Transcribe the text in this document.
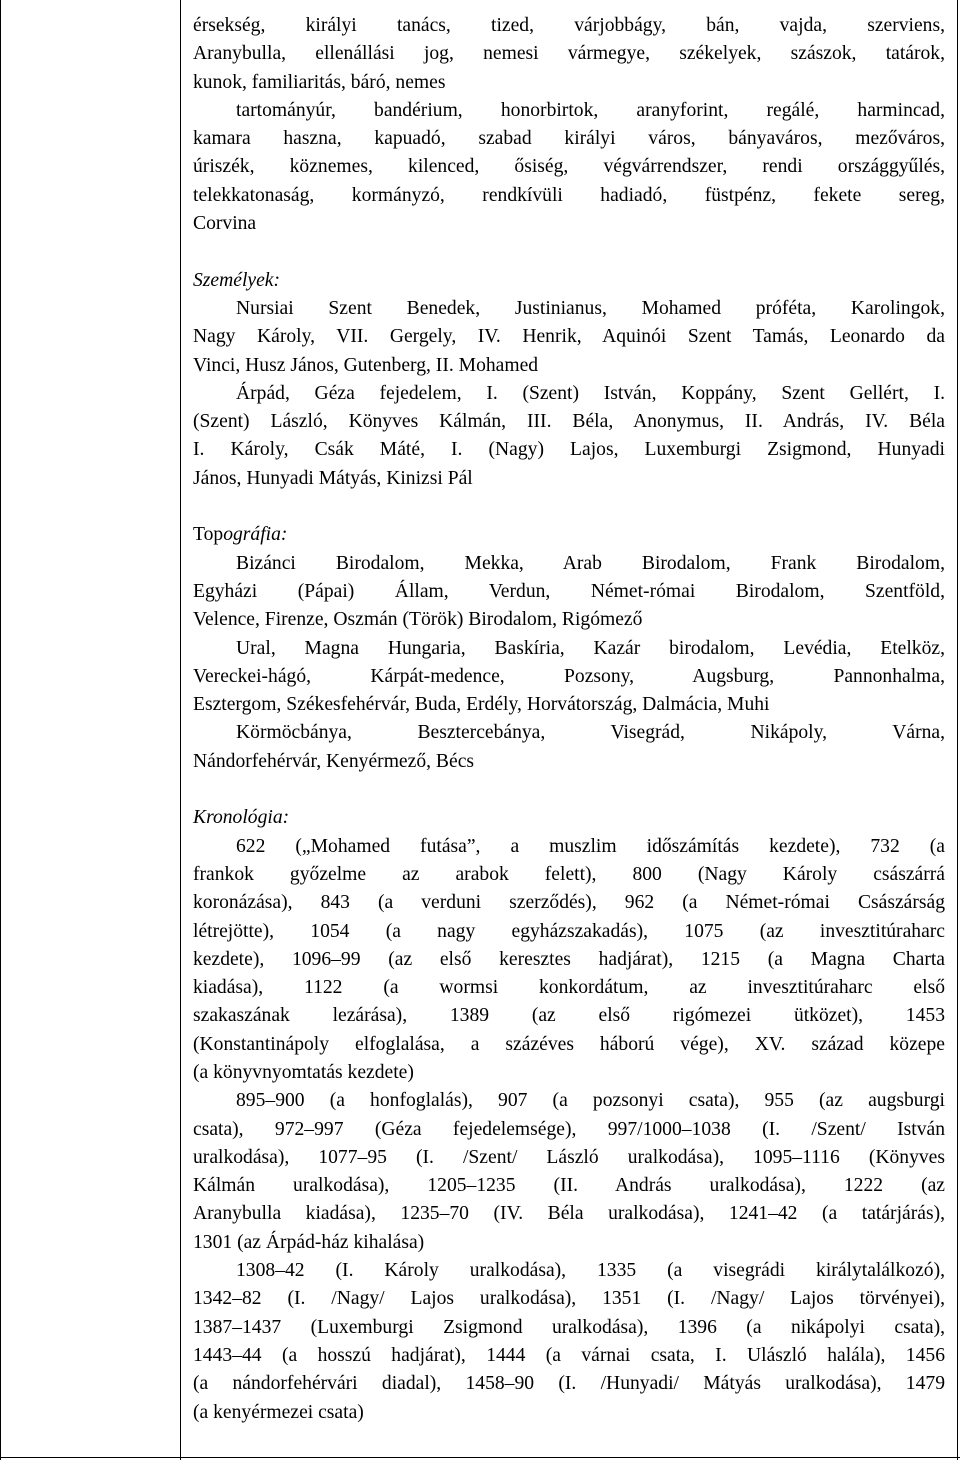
érsekség, királyi tanács, tized, várjobbágy, bán, vajda, szerviens,
Aranybulla, ellenállási jog, nemesi vármegye, székelyek, szászok, tatárok,
kunok, familiaritás, báró, nemes
tartományúr, bandérium, honorbirtok, aranyforint, regálé, harmincad,
kamara haszna, kapuadó, szabad királyi város, bányaváros, mezőváros,
úriszék, köznemes, kilenced, ősiség, végvárrendszer, rendi országgyűlés,
telekkatonaság, kormányzó, rendkívüli hadiadó, füstpénz, fekete sereg,
Corvina
Személyek:
Nursiai Szent Benedek, Justinianus, Mohamed próféta, Karolingok,
Nagy Károly, VII. Gergely, IV. Henrik, Aquinói Szent Tamás, Leonardo da
Vinci, Husz János, Gutenberg, II. Mohamed
Árpád, Géza fejedelem, I. (Szent) István, Koppány, Szent Gellért, I.
(Szent) László, Könyves Kálmán, III. Béla, Anonymus, II. András, IV. Béla
I. Károly, Csák Máté, I. (Nagy) Lajos, Luxemburgi Zsigmond, Hunyadi
János, Hunyadi Mátyás, Kinizsi Pál
Topográfia:
Bizánci Birodalom, Mekka, Arab Birodalom, Frank Birodalom,
Egyházi (Pápai) Állam, Verdun, Német-római Birodalom, Szentföld,
Velence, Firenze, Oszmán (Török) Birodalom, Rigómező
Ural, Magna Hungaria, Baskíria, Kazár birodalom, Levédia, Etelköz,
Vereckei-hágó, Kárpát-medence, Pozsony, Augsburg, Pannonhalma,
Esztergom, Székesfehérvár, Buda, Erdély, Horvátország, Dalmácia, Muhi
Körmöcbánya, Besztercebánya, Visegrád, Nikápoly, Várna,
Nándorfehérvár, Kenyérmező, Bécs
Kronológia:
622 („Mohamed futása”, a muszlim időszámítás kezdete), 732 (a
frankok győzelme az arabok felett), 800 (Nagy Károly császárrá
koronázása), 843 (a verduni szerződés), 962 (a Német-római Császárság
létrejötte), 1054 (a nagy egyházszakadás), 1075 (az invesztitúraharc
kezdete), 1096–99 (az első keresztes hadjárat), 1215 (a Magna Charta
kiadása), 1122 (a wormsi konkordátum, az invesztitúraharc első
szakaszának lezárása), 1389 (az első rigómezei ütközet), 1453
(Konstantinápoly elfoglalása, a százéves háború vége), XV. század közepe
(a könyvnyomtatás kezdete)
895–900 (a honfoglalás), 907 (a pozsonyi csata), 955 (az augsburgi
csata), 972–997 (Géza fejedelemsége), 997/1000–1038 (I. /Szent/ István
uralkodása), 1077–95 (I. /Szent/ László uralkodása), 1095–1116 (Könyves
Kálmán uralkodása), 1205–1235 (II. András uralkodása), 1222 (az
Aranybulla kiadása), 1235–70 (IV. Béla uralkodása), 1241–42 (a tatárjárás),
1301 (az Árpád-ház kihalása)
1308–42 (I. Károly uralkodása), 1335 (a visegrádi királytalálkozó),
1342–82 (I. /Nagy/ Lajos uralkodása), 1351 (I. /Nagy/ Lajos törvényei),
1387–1437 (Luxemburgi Zsigmond uralkodása), 1396 (a nikápolyi csata),
1443–44 (a hosszú hadjárat), 1444 (a várnai csata, I. Ulászló halála), 1456
(a nándorfehérvári diadal), 1458–90 (I. /Hunyadi/ Mátyás uralkodása), 1479
(a kenyérmezei csata)
